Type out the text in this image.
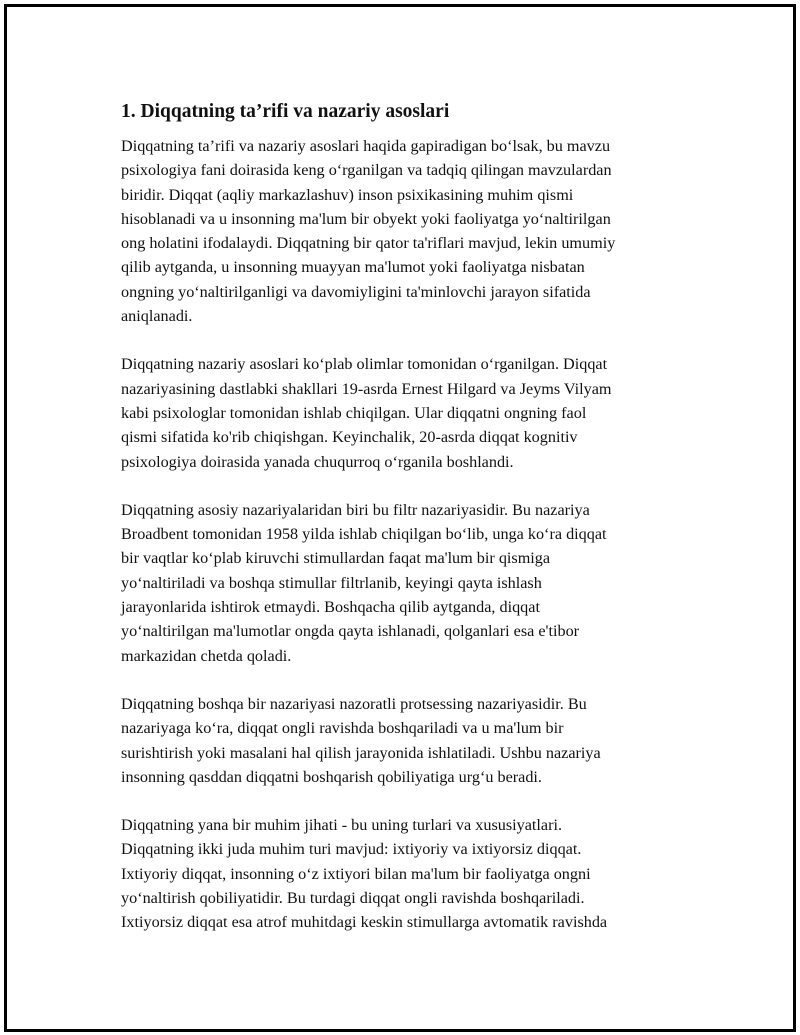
1. Diqqatning ta’rifi va nazariy asoslari

Diqqatning ta’rifi va nazariy asoslari haqida gapiradigan bo‘lsak, bu mavzu
psixologiya fani doirasida keng o‘rganilgan va tadqiq qilingan mavzulardan
biridir. Diqqat (aqliy markazlashuv) inson psixikasining muhim qismi
hisoblanadi va u insonning ma'lum bir obyekt yoki faoliyatga yo‘naltirilgan
ong holatini ifodalaydi. Diqqatning bir qator ta'riflari mavjud, lekin umumiy
qilib aytganda, u insonning muayyan ma'lumot yoki faoliyatga nisbatan
ongning yo‘naltirilganligi va davomiyligini ta'minlovchi jarayon sifatida
aniqlanadi.

Diqqatning nazariy asoslari ko‘plab olimlar tomonidan o‘rganilgan. Diqqat
nazariyasining dastlabki shakllari 19-asrda Ernest Hilgard va Jeyms Vilyam
kabi psixologlar tomonidan ishlab chiqilgan. Ular diqqatni ongning faol
qismi sifatida ko'rib chiqishgan. Keyinchalik, 20-asrda diqqat kognitiv
psixologiya doirasida yanada chuqurroq o‘rganila boshlandi.

Diqqatning asosiy nazariyalaridan biri bu filtr nazariyasidir. Bu nazariya
Broadbent tomonidan 1958 yilda ishlab chiqilgan bo‘lib, unga ko‘ra diqqat
bir vaqtlar ko‘plab kiruvchi stimullardan faqat ma'lum bir qismiga
yo‘naltiriladi va boshqa stimullar filtrlanib, keyingi qayta ishlash
jarayonlarida ishtirok etmaydi. Boshqacha qilib aytganda, diqqat
yo‘naltirilgan ma'lumotlar ongda qayta ishlanadi, qolganlari esa e'tibor
markazidan chetda qoladi.

Diqqatning boshqa bir nazariyasi nazoratli protsessing nazariyasidir. Bu
nazariyaga ko‘ra, diqqat ongli ravishda boshqariladi va u ma'lum bir
surishtirish yoki masalani hal qilish jarayonida ishlatiladi. Ushbu nazariya
insonning qasddan diqqatni boshqarish qobiliyatiga urg‘u beradi.

Diqqatning yana bir muhim jihati - bu uning turlari va xususiyatlari.
Diqqatning ikki juda muhim turi mavjud: ixtiyoriy va ixtiyorsiz diqqat.
Ixtiyoriy diqqat, insonning o‘z ixtiyori bilan ma'lum bir faoliyatga ongni
yo‘naltirish qobiliyatidir. Bu turdagi diqqat ongli ravishda boshqariladi.
Ixtiyorsiz diqqat esa atrof muhitdagi keskin stimullarga avtomatik ravishda
